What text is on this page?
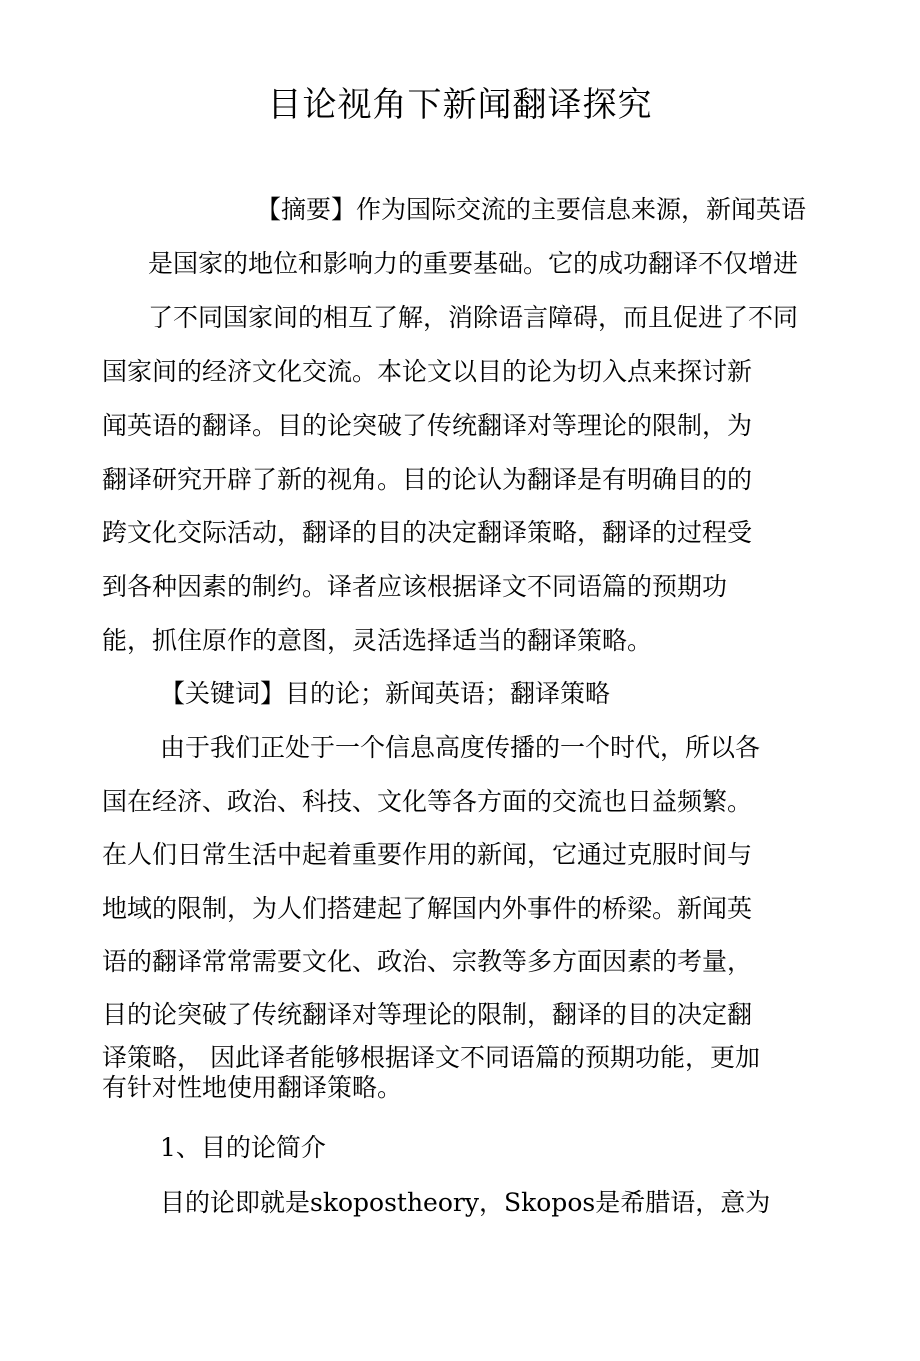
目论视角下新闻翻译探究

【摘要】作为国际交流的主要信息来源，新闻英语

是国家的地位和影响力的重要基础。它的成功翻译不仅增进

了不同国家间的相互了解，消除语言障碍，而且促进了不同

国家间的经济文化交流。本论文以目的论为切入点来探讨新

闻英语的翻译。目的论突破了传统翻译对等理论的限制，为

翻译研究开辟了新的视角。目的论认为翻译是有明确目的的

跨文化交际活动，翻译的目的决定翻译策略，翻译的过程受

到各种因素的制约。译者应该根据译文不同语篇的预期功

能，抓住原作的意图，灵活选择适当的翻译策略。

【关键词】目的论；新闻英语；翻译策略

由于我们正处于一个信息高度传播的一个时代，所以各

国在经济、政治、科技、文化等各方面的交流也日益频繁。

在人们日常生活中起着重要作用的新闻，它通过克服时间与

地域的限制，为人们搭建起了解国内外事件的桥梁。新闻英

语的翻译常常需要文化、政治、宗教等多方面因素的考量，

目的论突破了传统翻译对等理论的限制，翻译的目的决定翻

译策略， 因此译者能够根据译文不同语篇的预期功能，更加

有针对性地使用翻译策略。

1、目的论简介

目的论即就是skopostheory，Skopos是希腊语，意为
